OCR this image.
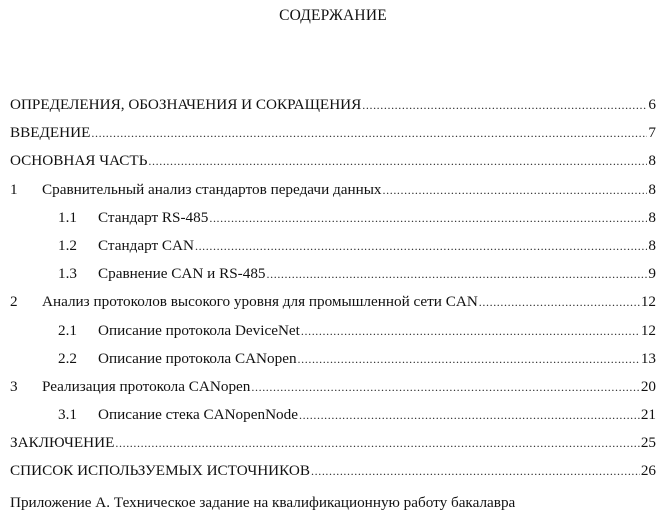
СОДЕРЖАНИЕ
ОПРЕДЕЛЕНИЯ, ОБОЗНАЧЕНИЯ И СОКРАЩЕНИЯ .....	6
ВВЕДЕНИЕ .....	7
ОСНОВНАЯ ЧАСТЬ .....	8
1	Сравнительный анализ стандартов передачи данных .....	8
1.1	Стандарт RS-485 .....	8
1.2	Стандарт CAN .....	8
1.3	Сравнение CAN и RS-485 .....	9
2	Анализ протоколов высокого уровня для промышленной сети CAN .....	12
2.1	Описание протокола DeviceNet .....	12
2.2	Описание протокола CANopen .....	13
3	Реализация протокола CANopen .....	20
3.1	Описание стека CANopenNode .....	21
ЗАКЛЮЧЕНИЕ .....	25
СПИСОК ИСПОЛЬЗУЕМЫХ ИСТОЧНИКОВ .....	26
Приложение А. Техническое задание на квалификационную работу бакалавра
